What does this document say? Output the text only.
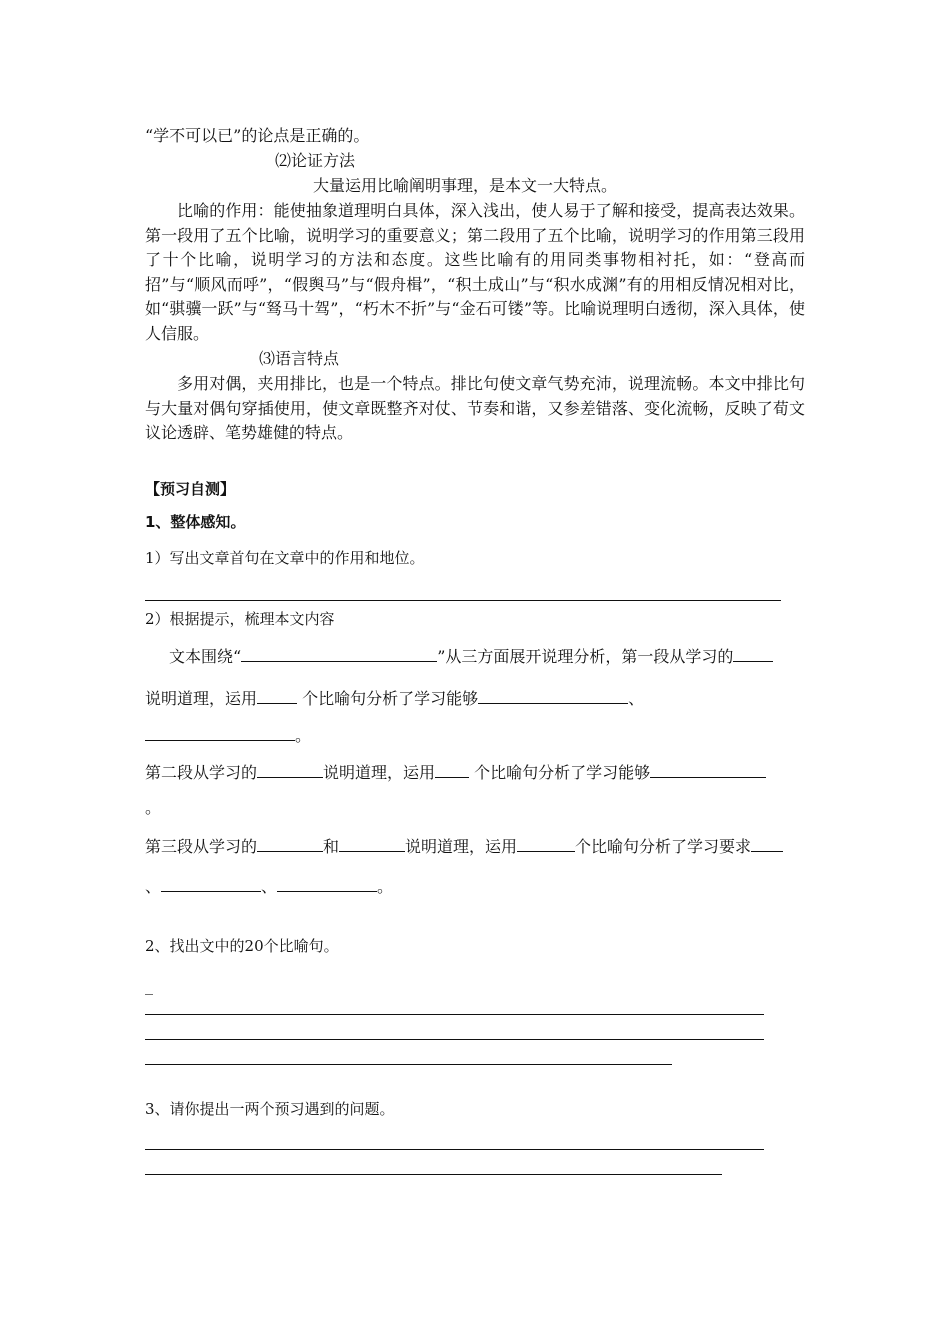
“学不可以已”的论点是正确的。
⑵论证方法
大量运用比喻阐明事理，是本文一大特点。
比喻的作用：能使抽象道理明白具体，深入浅出，使人易于了解和接受，提高表达效果。第一段用了五个比喻，说明学习的重要意义；第二段用了五个比喻，说明学习的作用第三段用了十个比喻，说明学习的方法和态度。这些比喻有的用同类事物相衬托，如：“登高而招”与“顺风而呼”，“假舆马”与“假舟楫”，“积土成山”与“积水成渊”有的用相反情况相对比，如“骐骥一跃”与“驽马十驾”，“朽木不折”与“金石可镂”等。比喻说理明白透彻，深入具体，使人信服。
⑶语言特点
多用对偶，夹用排比，也是一个特点。排比句使文章气势充沛，说理流畅。本文中排比句与大量对偶句穿插使用，使文章既整齐对仗、节奏和谐，又参差错落、变化流畅，反映了荀文议论透辟、笔势雄健的特点。
【预习自测】
1、整体感知。
1）写出文章首句在文章中的作用和地位。
2）根据提示，梳理本文内容
文本围绕“	”从三方面展开说理分析，第一段从学习的
说明道理，运用	个比喻句分析了学习能够	、
。
第二段从学习的	说明道理，运用 个比喻句分析了学习能够
。
第三段从学习的	和	说明道理，运用	个比喻句分析了学习要求
、	、	。
2、找出文中的20个比喻句。
_
3、请你提出一两个预习遇到的问题。
